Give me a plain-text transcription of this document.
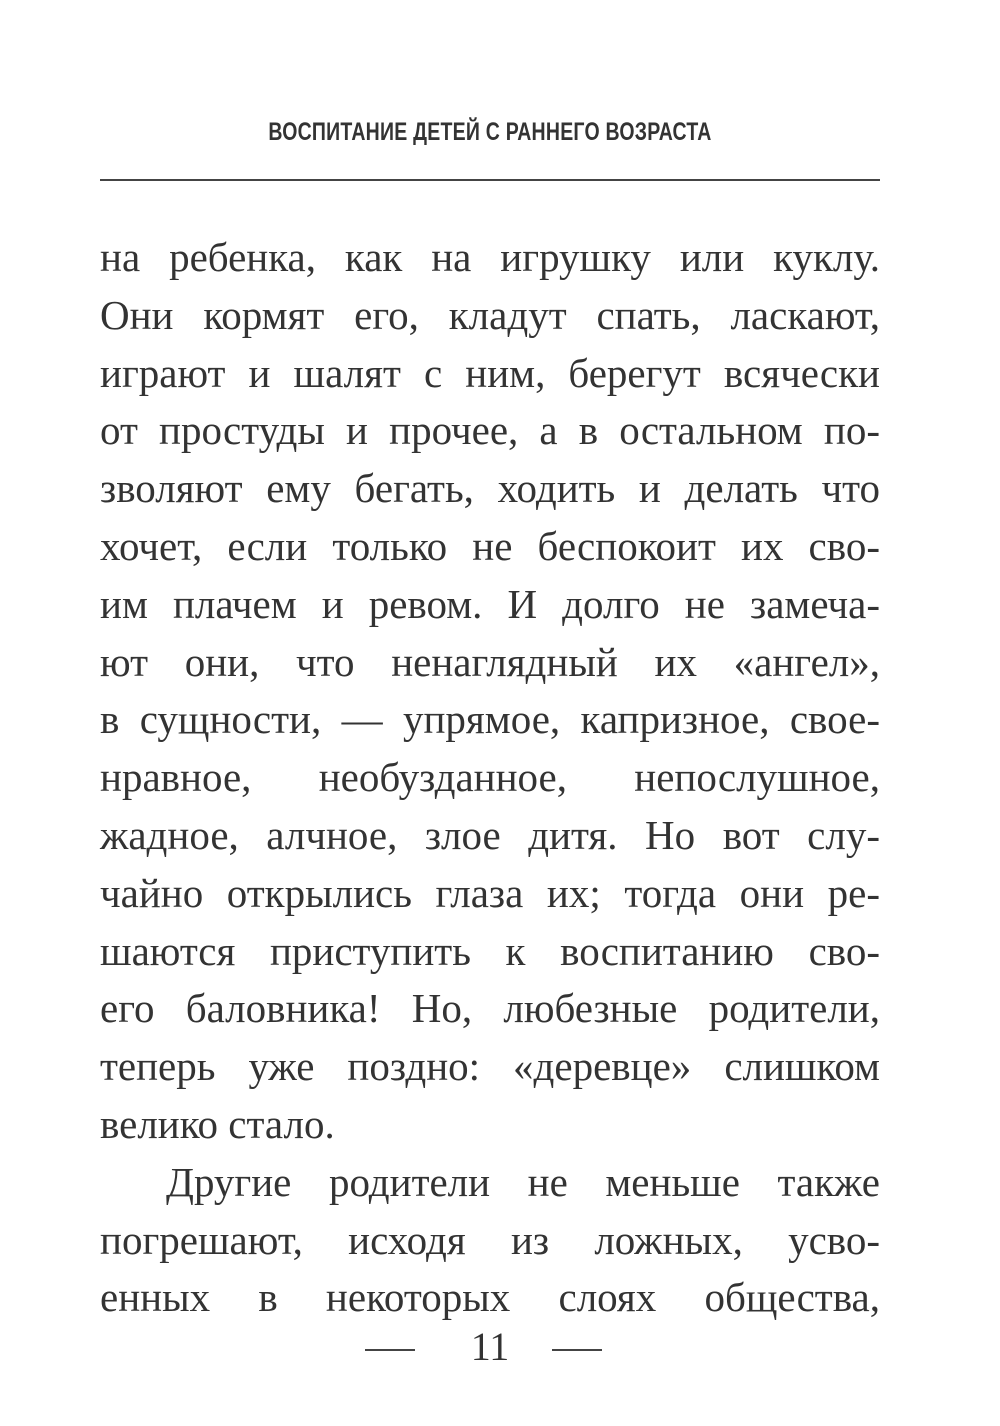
ВОСПИТАНИЕ ДЕТЕЙ С РАННЕГО ВОЗРАСТА
на ребенка, как на игрушку или куклу.
Они кормят его, кладут спать, ласкают,
играют и шалят с ним, берегут всячески
от простуды и прочее, а в остальном по-
зволяют ему бегать, ходить и делать что
хочет, если только не беспокоит их сво-
им плачем и ревом. И долго не замеча-
ют они, что ненаглядный их «ангел»,
в сущности, — упрямое, капризное, свое-
нравное, необузданное, непослушное,
жадное, алчное, злое дитя. Но вот слу-
чайно открылись глаза их; тогда они ре-
шаются приступить к воспитанию сво-
его баловника! Но, любезные родители,
теперь уже поздно: «деревце» слишком
велико стало.
Другие родители не меньше также
погрешают, исходя из ложных, усво-
енных в некоторых слоях общества,
11
